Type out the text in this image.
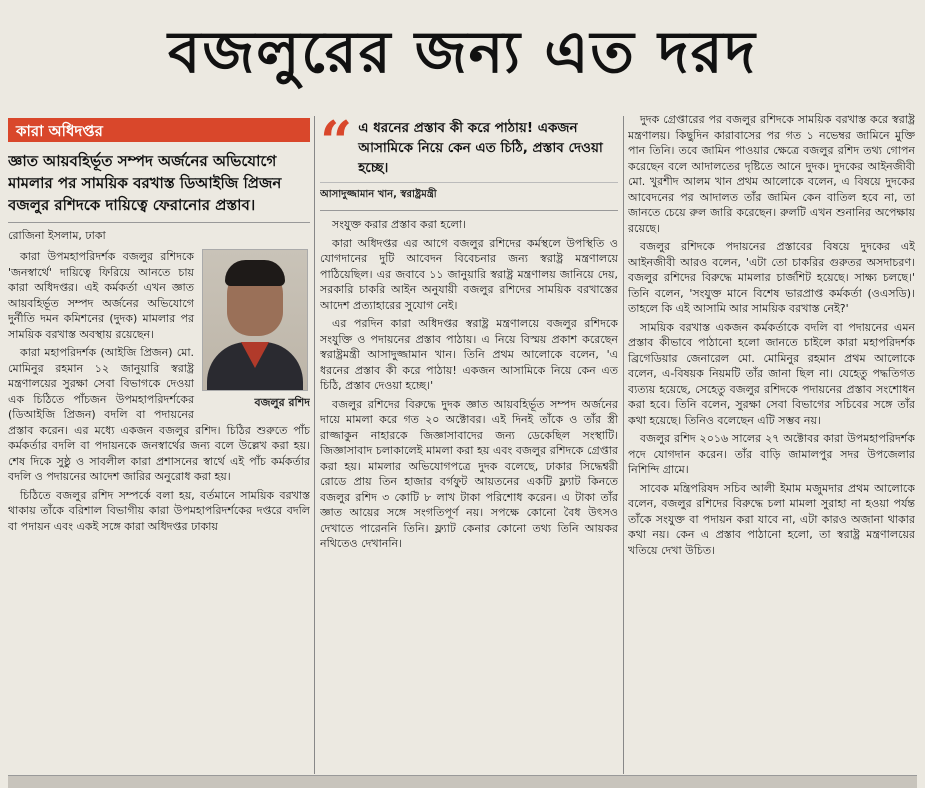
বজলুরের জন্য এত দরদ
কারা অধিদপ্তর
জ্ঞাত আয়বহির্ভূত সম্পদ অর্জনের অভিযোগে মামলার পর সাময়িক বরখাস্ত ডিআইজি প্রিজন বজলুর রশিদকে দায়িত্বে ফেরানোর প্রস্তাব।
রোজিনা ইসলাম, ঢাকা
বজলুর রশিদ

কারা উপমহাপরিদর্শক বজলুর রশিদকে 'জনস্বার্থে' দায়িত্বে ফিরিয়ে আনতে চায় কারা অধিদপ্তর। এই কর্মকর্তা এখন জ্ঞাত আয়বহির্ভূত সম্পদ অর্জনের অভিযোগে দুর্নীতি দমন কমিশনের (দুদক) মামলার পর সাময়িক বরখাস্ত অবস্থায় রয়েছেন।

কারা মহাপরিদর্শক (আইজি প্রিজন) মো. মোমিনুর রহমান ১২ জানুয়ারি স্বরাষ্ট্র মন্ত্রণালয়ের সুরক্ষা সেবা বিভাগকে দেওয়া এক চিঠিতে পাঁচজন উপমহাপরিদর্শকের (ডিআইজি প্রিজন) বদলি বা পদায়নের প্রস্তাব করেন। এর মধ্যে একজন বজলুর রশিদ। চিঠির শুরুতে পাঁচ কর্মকর্তার বদলি বা পদায়নকে জনস্বার্থের জন্য বলে উল্লেখ করা হয়। শেষ দিকে সুষ্ঠু ও সাবলীল কারা প্রশাসনের স্বার্থে এই পাঁচ কর্মকর্তার বদলি ও পদায়নের আদেশ জারির অনুরোধ করা হয়।

চিঠিতে বজলুর রশিদ সম্পর্কে বলা হয়, বর্তমানে সাময়িক বরখাস্ত থাকায় তাঁকে বরিশাল বিভাগীয় কারা উপমহাপরিদর্শকের দপ্তরে বদলি বা পদায়ন এবং একই সঙ্গে কারা অধিদপ্তর ঢাকায়

“ এ ধরনের প্রস্তাব কী করে পাঠায়! একজন আসামিকে নিয়ে কেন এত চিঠি, প্রস্তাব দেওয়া হচ্ছে।
আসাদুজ্জামান খান, স্বরাষ্ট্রমন্ত্রী

সংযুক্ত করার প্রস্তাব করা হলো।

কারা অধিদপ্তর এর আগে বজলুর রশিদের কর্মস্থলে উপস্থিতি ও যোগদানের দুটি আবেদন বিবেচনার জন্য স্বরাষ্ট্র মন্ত্রণালয়ে পাঠিয়েছিল। এর জবাবে ১১ জানুয়ারি স্বরাষ্ট্র মন্ত্রণালয় জানিয়ে দেয়, সরকারি চাকরি আইন অনুযায়ী বজলুর রশিদের সাময়িক বরখাস্তের আদেশ প্রত্যাহারের সুযোগ নেই।

এর পরদিন কারা অধিদপ্তর স্বরাষ্ট্র মন্ত্রণালয়ে বজলুর রশিদকে সংযুক্তি ও পদায়নের প্রস্তাব পাঠায়। এ নিয়ে বিস্ময় প্রকাশ করেছেন স্বরাষ্ট্রমন্ত্রী আসাদুজ্জামান খান। তিনি প্রথম আলোকে বলেন, 'এ ধরনের প্রস্তাব কী করে পাঠায়! একজন আসামিকে নিয়ে কেন এত চিঠি, প্রস্তাব দেওয়া হচ্ছে।'

বজলুর রশিদের বিরুদ্ধে দুদক জ্ঞাত আয়বহির্ভূত সম্পদ অর্জনের দায়ে মামলা করে গত ২০ অক্টোবর। এই দিনই তাঁকে ও তাঁর স্ত্রী রাজ্জাকুন নাহারকে জিজ্ঞাসাবাদের জন্য ডেকেছিল সংস্থাটি। জিজ্ঞাসাবাদ চলাকালেই মামলা করা হয় এবং বজলুর রশিদকে গ্রেপ্তার করা হয়। মামলার অভিযোগপত্রে দুদক বলেছে, ঢাকার সিদ্ধেশ্বরী রোডে প্রায় তিন হাজার বর্গফুট আয়তনের একটি ফ্ল্যাট কিনতে বজলুর রশিদ ৩ কোটি ৮ লাখ টাকা পরিশোধ করেন। এ টাকা তাঁর জ্ঞাত আয়ের সঙ্গে সংগতিপূর্ণ নয়। সপক্ষে কোনো বৈধ উৎসও দেখাতে পারেননি তিনি। ফ্ল্যাট কেনার কোনো তথ্য তিনি আয়কর নথিতেও দেখাননি।

দুদক গ্রেপ্তারের পর বজলুর রশিদকে সাময়িক বরখাস্ত করে স্বরাষ্ট্র মন্ত্রণালয়। কিছুদিন কারাবাসের পর গত ১ নভেম্বর জামিনে মুক্তি পান তিনি। তবে জামিন পাওয়ার ক্ষেত্রে বজলুর রশিদ তথ্য গোপন করেছেন বলে আদালতের দৃষ্টিতে আনে দুদক। দুদকের আইনজীবী মো. খুরশীদ আলম খান প্রথম আলোকে বলেন, এ বিষয়ে দুদকের আবেদনের পর আদালত তাঁর জামিন কেন বাতিল হবে না, তা জানতে চেয়ে রুল জারি করেছেন। রুলটি এখন শুনানির অপেক্ষায় রয়েছে।

বজলুর রশিদকে পদায়নের প্রস্তাবের বিষয়ে দুদকের এই আইনজীবী আরও বলেন, 'এটা তো চাকরির গুরুতর অসদাচরণ। বজলুর রশিদের বিরুদ্ধে মামলার চার্জশিট হয়েছে। সাক্ষ্য চলছে।' তিনি বলেন, 'সংযুক্ত মানে বিশেষ ভারপ্রাপ্ত কর্মকর্তা (ওএসডি)। তাহলে কি এই আসামি আর সাময়িক বরখাস্ত নেই?'

সাময়িক বরখাস্ত একজন কর্মকর্তাকে বদলি বা পদায়নের এমন প্রস্তাব কীভাবে পাঠানো হলো জানতে চাইলে কারা মহাপরিদর্শক ব্রিগেডিয়ার জেনারেল মো. মোমিনুর রহমান প্রথম আলোকে বলেন, এ-বিষয়ক নিয়মটি তাঁর জানা ছিল না। যেহেতু পদ্ধতিগত ব্যত্যয় হয়েছে, সেহেতু বজলুর রশিদকে পদায়নের প্রস্তাব সংশোধন করা হবে। তিনি বলেন, সুরক্ষা সেবা বিভাগের সচিবের সঙ্গে তাঁর কথা হয়েছে। তিনিও বলেছেন এটি সম্ভব নয়।

বজলুর রশিদ ২০১৬ সালের ২৭ অক্টোবর কারা উপমহাপরিদর্শক পদে যোগদান করেন। তাঁর বাড়ি জামালপুর সদর উপজেলার নিশিন্দি গ্রামে।

সাবেক মন্ত্রিপরিষদ সচিব আলী ইমাম মজুমদার প্রথম আলোকে বলেন, বজলুর রশিদের বিরুদ্ধে চলা মামলা সুরাহা না হওয়া পর্যন্ত তাঁকে সংযুক্ত বা পদায়ন করা যাবে না, এটা কারও অজানা থাকার কথা নয়। কেন এ প্রস্তাব পাঠানো হলো, তা স্বরাষ্ট্র মন্ত্রণালয়ের খতিয়ে দেখা উচিত।
